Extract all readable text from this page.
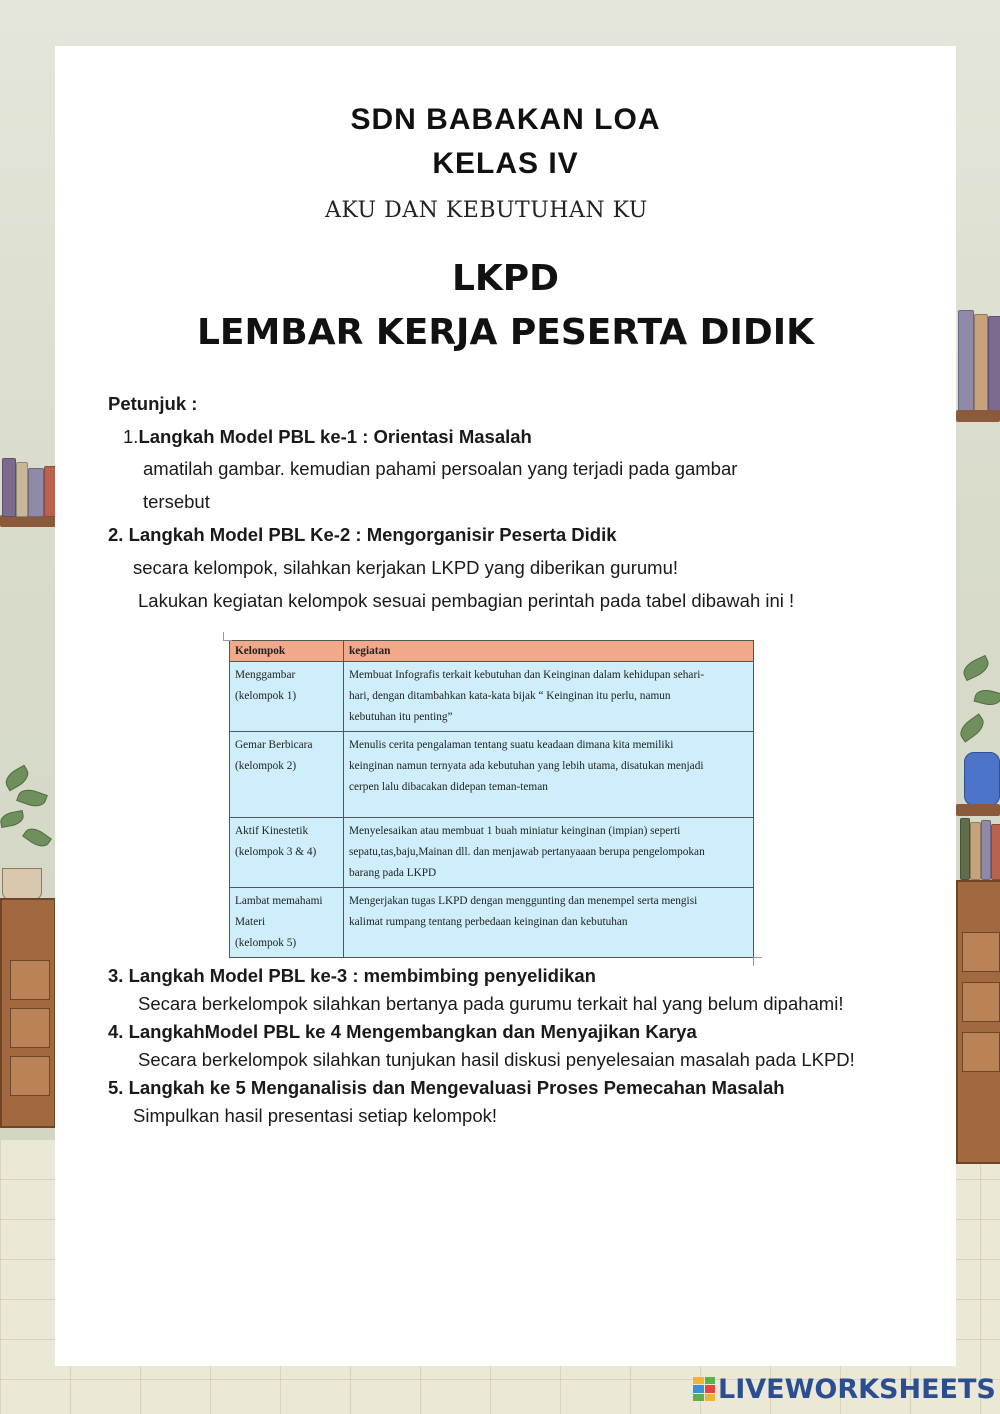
SDN BABAKAN LOA
KELAS IV
AKU DAN KEBUTUHAN KU
LKPD
LEMBAR KERJA PESERTA DIDIK
Petunjuk :
1.Langkah Model PBL ke-1 : Orientasi Masalah
amatilah gambar. kemudian pahami persoalan yang terjadi pada gambar
tersebut
2. Langkah Model PBL Ke-2 : Mengorganisir Peserta Didik
secara kelompok, silahkan kerjakan LKPD yang diberikan gurumu!
Lakukan kegiatan kelompok sesuai pembagian perintah pada tabel dibawah ini !
Kelompok	kegiatan
Menggambar
(kelompok 1)	Membuat Infografis terkait kebutuhan dan Keinginan dalam kehidupan sehari-
hari, dengan ditambahkan kata-kata bijak “ Keinginan itu perlu, namun
kebutuhan itu penting”
Gemar Berbicara
(kelompok 2)	Menulis cerita pengalaman tentang suatu keadaan dimana kita memiliki
keinginan namun ternyata ada kebutuhan yang lebih utama, disatukan menjadi
cerpen lalu dibacakan didepan teman-teman
Aktif Kinestetik
(kelompok 3 & 4)	Menyelesaikan atau membuat 1 buah miniatur keinginan (impian) seperti
sepatu,tas,baju,Mainan dll. dan menjawab pertanyaaan berupa pengelompokan
barang pada LKPD
Lambat memahami
Materi
(kelompok 5)	Mengerjakan tugas LKPD dengan menggunting dan menempel serta mengisi
kalimat rumpang tentang perbedaan keinginan dan kebutuhan
3. Langkah Model PBL ke-3 : membimbing penyelidikan
Secara berkelompok silahkan bertanya pada gurumu terkait hal yang belum dipahami!
4. LangkahModel PBL ke 4 Mengembangkan dan Menyajikan Karya
Secara berkelompok silahkan tunjukan hasil diskusi penyelesaian masalah pada LKPD!
5. Langkah ke 5 Menganalisis dan Mengevaluasi Proses Pemecahan Masalah
Simpulkan hasil presentasi setiap kelompok!
LIVEWORKSHEETS
